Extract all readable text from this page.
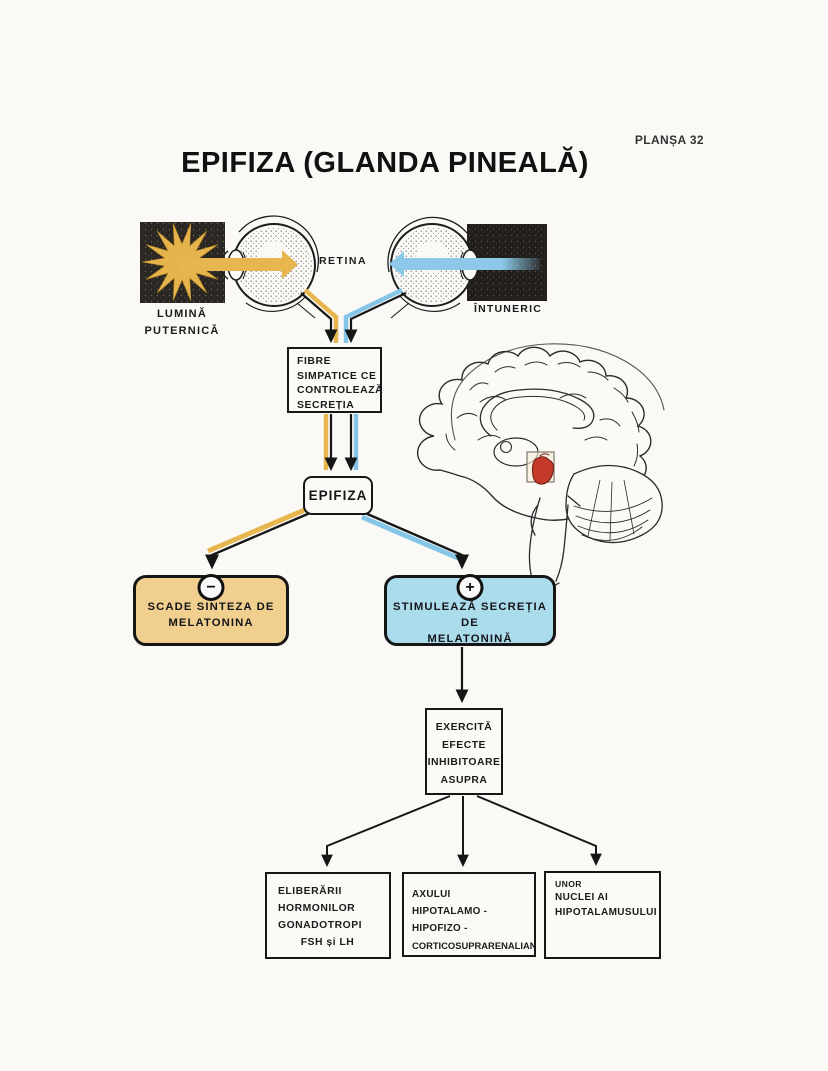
PLANȘA 32
EPIFIZA (GLANDA PINEALĂ)
LUMINĂ
PUTERNICĂ
ÎNTUNERIC
RETINA
FIBRE
SIMPATICE CE
CONTROLEAZĂ
SECREȚIA
EPIFIZA
−
SCADE SINTEZA DE
MELATONINA
+
STIMULEAZĂ SECREȚIA DE
MELATONINĂ
EXERCITĂ
EFECTE
INHIBITOARE
ASUPRA
ELIBERĂRII
HORMONILOR
GONADOTROPI
FSH și LH
AXULUI
HIPOTALAMO -
HIPOFIZO -
CORTICOSUPRARENALIAN
UNOR
NUCLEI AI
HIPOTALAMUSULUI
